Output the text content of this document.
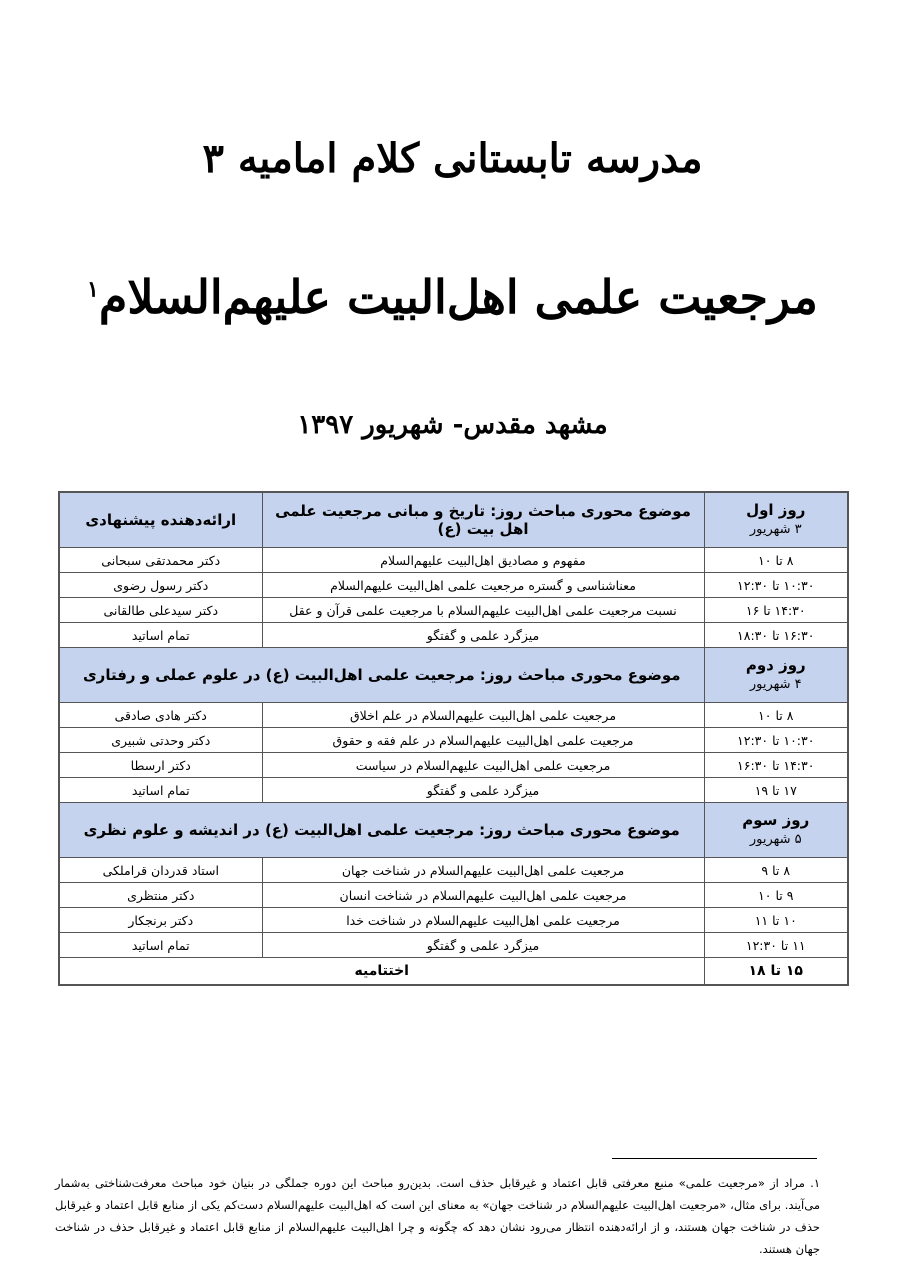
مدرسه تابستانی کلام امامیه ۳
مرجعیت علمی اهل‌البیت علیهم‌السلام$^۱$
مشهد مقدس- شهریور ۱۳۹۷
روز اول
۳ شهریور	موضوع محوری مباحث روز: تاریخ و مبانی مرجعیت علمی اهل بیت (ع)	ارائه‌دهنده پیشنهادی
۸ تا ۱۰	مفهوم و مصادیق اهل‌البیت علیهم‌السلام	دکتر محمدتقی سبحانی
۱۰:۳۰ تا ۱۲:۳۰	معناشناسی و گستره مرجعیت علمی اهل‌البیت علیهم‌السلام	دکتر رسول رضوی
۱۴:۳۰ تا ۱۶	نسبت مرجعیت علمی اهل‌البیت علیهم‌السلام با مرجعیت علمی قرآن و عقل	دکتر سیدعلی طالقانی
۱۶:۳۰ تا ۱۸:۳۰	میزگرد علمی و گفتگو	تمام اساتید

روز دوم
۴ شهریور	موضوع محوری مباحث روز: مرجعیت علمی اهل‌البیت (ع) در علوم عملی و رفتاری	
۸ تا ۱۰	مرجعیت علمی اهل‌البیت علیهم‌السلام در علم اخلاق	دکتر هادی صادقی
۱۰:۳۰ تا ۱۲:۳۰	مرجعیت علمی اهل‌البیت علیهم‌السلام در علم فقه و حقوق	دکتر وحدتی شبیری
۱۴:۳۰ تا ۱۶:۳۰	مرجعیت علمی اهل‌البیت علیهم‌السلام در سیاست	دکتر ارسطا
۱۷ تا ۱۹	میزگرد علمی و گفتگو	تمام اساتید

روز سوم
۵ شهریور	موضوع محوری مباحث روز: مرجعیت علمی اهل‌البیت (ع) در اندیشه و علوم نظری	
۸ تا ۹	مرجعیت علمی اهل‌البیت علیهم‌السلام در شناخت جهان	استاد قدردان قراملکی
۹ تا ۱۰	مرجعیت علمی اهل‌البیت علیهم‌السلام در شناخت انسان	دکتر منتظری
۱۰ تا ۱۱	مرجعیت علمی اهل‌البیت علیهم‌السلام در شناخت خدا	دکتر برنجکار
۱۱ تا ۱۲:۳۰	میزگرد علمی و گفتگو	تمام اساتید
۱۵ تا ۱۸	اختتامیه	
۱. مراد از «مرجعیت علمی» منبع معرفتی قابل اعتماد و غیرقابل حذف است. بدین‌رو مباحث این دوره جملگی در بنیان خود مباحث معرفت‌شناختی به‌شمار می‌آیند. برای مثال، «مرجعیت اهل‌البیت علیهم‌السلام در شناخت جهان» به معنای این است که اهل‌البیت علیهم‌السلام دست‌کم یکی از منابع قابل اعتماد و غیرقابل حذف در شناخت جهان هستند، و از ارائه‌دهنده انتظار می‌رود نشان دهد که چگونه و چرا اهل‌البیت علیهم‌السلام از منابع قابل اعتماد و غیرقابل حذف در شناخت جهان هستند.
